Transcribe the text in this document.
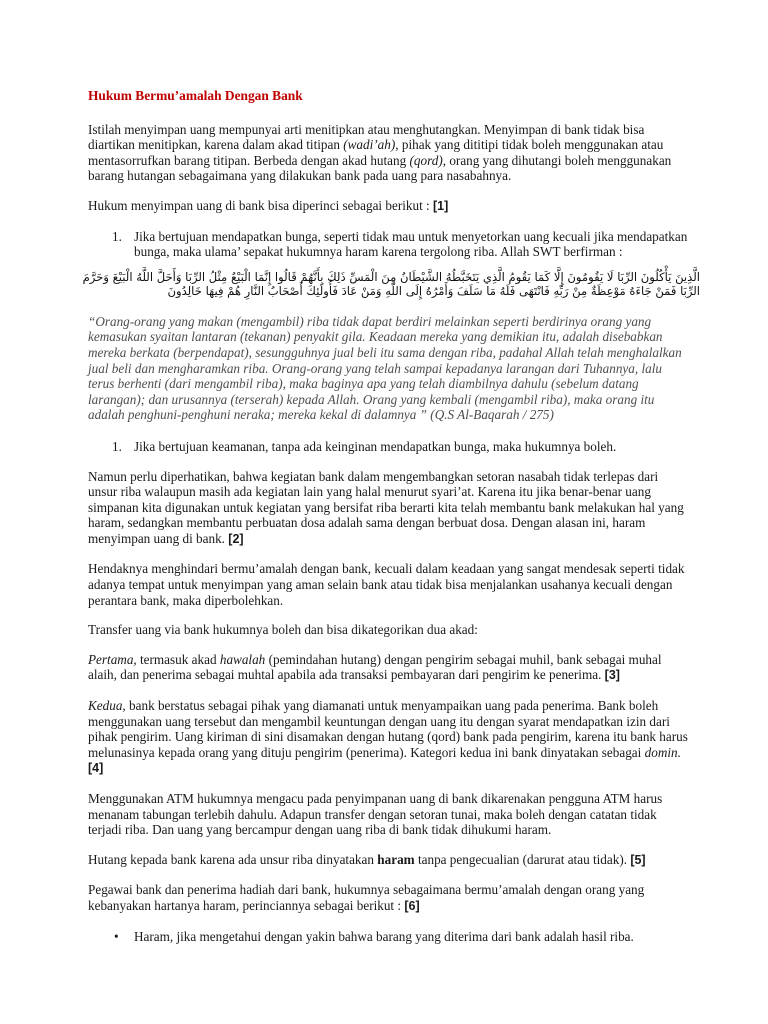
Hukum Bermu’amalah Dengan Bank

Istilah menyimpan uang mempunyai arti menitipkan atau menghutangkan. Menyimpan di bank tidak bisa diartikan menitipkan, karena dalam akad titipan (wadi’ah), pihak yang dititipi tidak boleh menggunakan atau mentasorrufkan barang titipan. Berbeda dengan akad hutang (qord), orang yang dihutangi boleh menggunakan barang hutangan sebagaimana yang dilakukan bank pada uang para nasabahnya.

Hukum menyimpan uang di bank bisa diperinci sebagai berikut : [1]

1. Jika bertujuan mendapatkan bunga, seperti tidak mau untuk menyetorkan uang kecuali jika mendapatkan bunga, maka ulama’ sepakat hukumnya haram karena tergolong riba. Allah SWT berfirman :
الَّذِينَ يَأْكُلُونَ الرِّبَا لَا يَقُومُونَ إِلَّا كَمَا يَقُومُ الَّذِي يَتَخَبَّطُهُ الشَّيْطَانُ مِنَ الْمَسِّ ذَلِكَ بِأَنَّهُمْ قَالُوا إِنَّمَا الْبَيْعُ مِثْلُ الرِّبَا وَأَحَلَّ اللَّهُ الْبَيْعَ وَحَرَّمَ الرِّبَا فَمَنْ جَاءَهُ مَوْعِظَةٌ مِنْ رَبِّهِ فَانْتَهَى فَلَهُ مَا سَلَفَ وَأَمْرُهُ إِلَى اللَّهِ وَمَنْ عَادَ فَأُولَئِكَ أَصْحَابُ النَّارِ هُمْ فِيهَا خَالِدُونَ

“Orang-orang yang makan (mengambil) riba tidak dapat berdiri melainkan seperti berdirinya orang yang kemasukan syaitan lantaran (tekanan) penyakit gila. Keadaan mereka yang demikian itu, adalah disebabkan mereka berkata (berpendapat), sesungguhnya jual beli itu sama dengan riba, padahal Allah telah menghalalkan jual beli dan mengharamkan riba. Orang-orang yang telah sampai kepadanya larangan dari Tuhannya, lalu terus berhenti (dari mengambil riba), maka baginya apa yang telah diambilnya dahulu (sebelum datang larangan); dan urusannya (terserah) kepada Allah. Orang yang kembali (mengambil riba), maka orang itu adalah penghuni-penghuni neraka; mereka kekal di dalamnya ” (Q.S Al-Baqarah / 275)

1. Jika bertujuan keamanan, tanpa ada keinginan mendapatkan bunga, maka hukumnya boleh.

Namun perlu diperhatikan, bahwa kegiatan bank dalam mengembangkan setoran nasabah tidak terlepas dari unsur riba walaupun masih ada kegiatan lain yang halal menurut syari’at. Karena itu jika benar-benar uang simpanan kita digunakan untuk kegiatan yang bersifat riba berarti kita telah membantu bank melakukan hal yang haram, sedangkan membantu perbuatan dosa adalah sama dengan berbuat dosa. Dengan alasan ini, haram menyimpan uang di bank. [2]

Hendaknya menghindari bermu’amalah dengan bank, kecuali dalam keadaan yang sangat mendesak seperti tidak adanya tempat untuk menyimpan yang aman selain bank atau tidak bisa menjalankan usahanya kecuali dengan perantara bank, maka diperbolehkan.

Transfer uang via bank hukumnya boleh dan bisa dikategorikan dua akad:

Pertama, termasuk akad hawalah (pemindahan hutang) dengan pengirim sebagai muhil, bank sebagai muhal alaih, dan penerima sebagai muhtal apabila ada transaksi pembayaran dari pengirim ke penerima. [3]

Kedua, bank berstatus sebagai pihak yang diamanati untuk menyampaikan uang pada penerima. Bank boleh menggunakan uang tersebut dan mengambil keuntungan dengan uang itu dengan syarat mendapatkan izin dari pihak pengirim. Uang kiriman di sini disamakan dengan hutang (qord) bank pada pengirim, karena itu bank harus melunasinya kepada orang yang dituju pengirim (penerima). Kategori kedua ini bank dinyatakan sebagai domin. [4]

Menggunakan ATM hukumnya mengacu pada penyimpanan uang di bank dikarenakan pengguna ATM harus menanam tabungan terlebih dahulu. Adapun transfer dengan setoran tunai, maka boleh dengan catatan tidak terjadi riba. Dan uang yang bercampur dengan uang riba di bank tidak dihukumi haram.

Hutang kepada bank karena ada unsur riba dinyatakan haram tanpa pengecualian (darurat atau tidak). [5]

Pegawai bank dan penerima hadiah dari bank, hukumnya sebagaimana bermu’amalah dengan orang yang kebanyakan hartanya haram, perinciannya sebagai berikut : [6]

•	Haram, jika mengetahui dengan yakin bahwa barang yang diterima dari bank adalah hasil riba.
